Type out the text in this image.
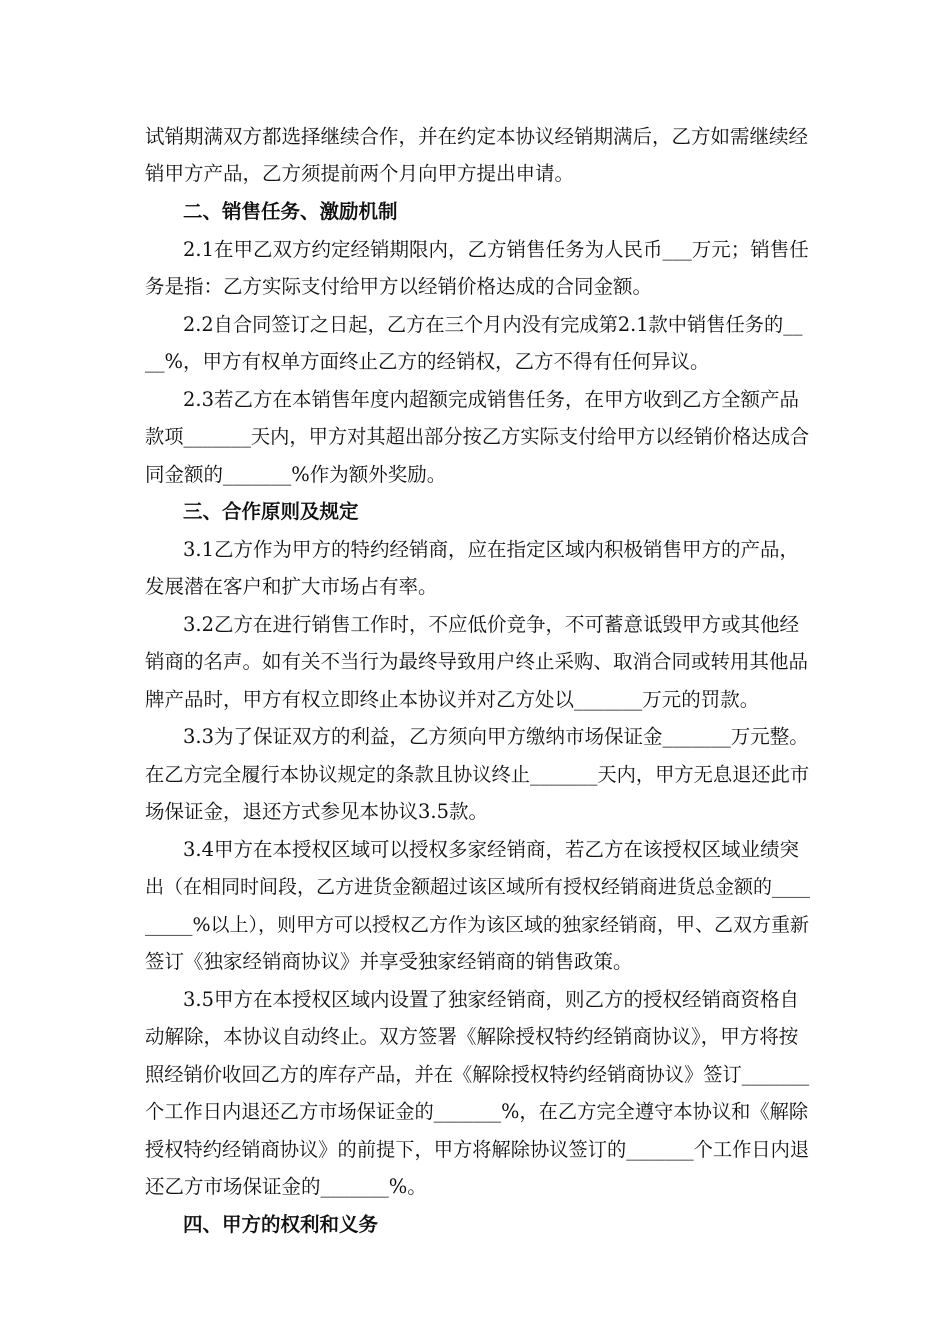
试销期满双方都选择继续合作，并在约定本协议经销期满后，乙方如需继续经
销甲方产品，乙方须提前两个月向甲方提出申请。
二、销售任务、激励机制
2.1在甲乙双方约定经销期限内，乙方销售任务为人民币___万元；销售任
务是指：乙方实际支付给甲方以经销价格达成的合同金额。
2.2自合同签订之日起，乙方在三个月内没有完成第2.1款中销售任务的__
__%，甲方有权单方面终止乙方的经销权，乙方不得有任何异议。
2.3若乙方在本销售年度内超额完成销售任务，在甲方收到乙方全额产品
款项_______天内，甲方对其超出部分按乙方实际支付给甲方以经销价格达成合
同金额的_______%作为额外奖励。
三、合作原则及规定
3.1乙方作为甲方的特约经销商，应在指定区域内积极销售甲方的产品，
发展潜在客户和扩大市场占有率。
3.2乙方在进行销售工作时，不应低价竞争，不可蓄意诋毁甲方或其他经
销商的名声。如有关不当行为最终导致用户终止采购、取消合同或转用其他品
牌产品时，甲方有权立即终止本协议并对乙方处以_______万元的罚款。
3.3为了保证双方的利益，乙方须向甲方缴纳市场保证金_______万元整。
在乙方完全履行本协议规定的条款且协议终止_______天内，甲方无息退还此市
场保证金，退还方式参见本协议3.5款。
3.4甲方在本授权区域可以授权多家经销商，若乙方在该授权区域业绩突
出（在相同时间段，乙方进货金额超过该区域所有授权经销商进货总金额的____
_____%以上），则甲方可以授权乙方作为该区域的独家经销商，甲、乙双方重新
签订《独家经销商协议》并享受独家经销商的销售政策。
3.5甲方在本授权区域内设置了独家经销商，则乙方的授权经销商资格自
动解除，本协议自动终止。双方签署《解除授权特约经销商协议》，甲方将按
照经销价收回乙方的库存产品，并在《解除授权特约经销商协议》签订_______
个工作日内退还乙方市场保证金的_______%，在乙方完全遵守本协议和《解除
授权特约经销商协议》的前提下，甲方将解除协议签订的_______个工作日内退
还乙方市场保证金的_______%。
四、甲方的权利和义务
